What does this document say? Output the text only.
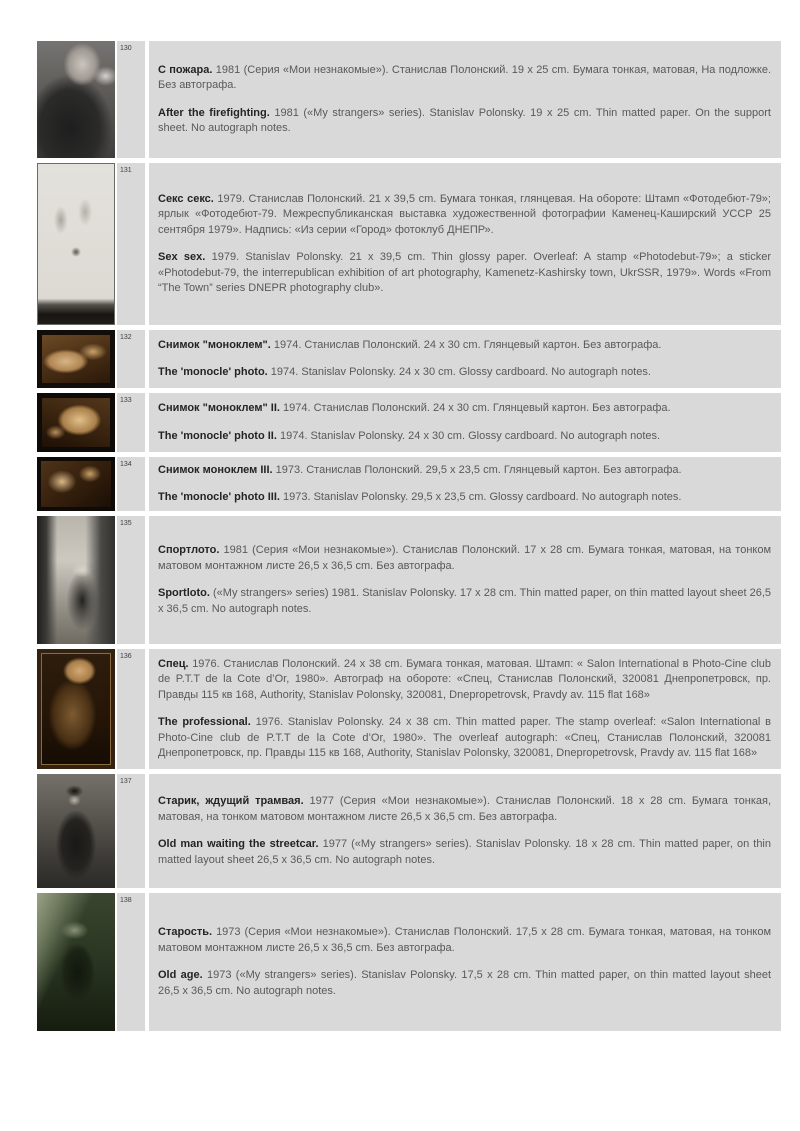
130

С пожара. 1981 (Серия «Мои незнакомые»). Станислав Полонский. 19 x 25 cm. Бумага тонкая, матовая, На подложке. Без автографа.

After the firefighting. 1981 («My strangers» series). Stanislav Polonsky. 19 x 25 cm. Thin matted paper. On the support sheet. No autograph notes.

131

Секс секс. 1979. Станислав Полонский. 21 x 39,5 cm. Бумага тонкая, глянцевая. На обороте: Штамп «Фотодебют-79»; ярлык «Фотодебют-79. Межреспубликанская выставка художественной фотографии Каменец-Каширский УССР 25 сентября 1979». Надпись: «Из серии «Город» фотоклуб ДНЕПР».

Sex sex. 1979. Stanislav Polonsky. 21 x 39,5 cm. Thin glossy paper. Overleaf: A stamp «Photodebut-79»; a sticker «Photodebut-79, the interrepublican exhibition of art photography, Kamenetz-Kashirsky town, UkrSSR, 1979». Words «From “The Town” series DNEPR photography club».

132

Снимок "моноклем". 1974. Станислав Полонский. 24 x 30 cm. Глянцевый картон. Без автографа.

The 'monocle' photo. 1974. Stanislav Polonsky. 24 x 30 cm. Glossy cardboard. No autograph notes.

133

Снимок "моноклем" II. 1974. Станислав Полонский. 24 x 30 cm. Глянцевый картон. Без автографа.

The 'monocle' photo II. 1974. Stanislav Polonsky. 24 x 30 cm. Glossy cardboard. No autograph notes.

134	Снимок моноклем III. 1973. Станислав Полонский. 29,5 x 23,5 cm. Глянцевый картон. Без автографа.

The 'monocle' photo III. 1973. Stanislav Polonsky. 29,5 x 23,5 cm. Glossy cardboard. No autograph notes.

135

Спортлото. 1981 (Серия «Мои незнакомые»). Станислав Полонский. 17 x 28 cm. Бумага тонкая, матовая, на тонком матовом монтажном листе 26,5 x 36,5 cm. Без автографа.

Sportloto. («My strangers» series) 1981. Stanislav Polonsky. 17 x 28 cm. Thin matted paper, on thin matted layout sheet 26,5 x 36,5 cm. No autograph notes.

136

Спец. 1976. Станислав Полонский. 24 x 38 cm. Бумага тонкая, матовая. Штамп: « Salon International в Photo-Cine club de P.T.T de la Cote d’Or, 1980». Автограф на обороте: «Спец, Станислав Полонский, 320081 Днепропетровск, пр. Правды 115 кв 168, Authority, Stanislav Polonsky, 320081, Dnepropetrovsk, Pravdy av. 115 flat 168»

The professional. 1976. Stanislav Polonsky. 24 x 38 cm. Thin matted paper. The stamp overleaf: «Salon International в Photo-Cine club de P.T.T de la Cote d’Or, 1980». The overleaf autograph: «Спец, Станислав Полонский, 320081 Днепропетровск, пр. Правды 115 кв 168, Authority, Stanislav Polonsky, 320081, Dnepropetrovsk, Pravdy av. 115 flat 168»

137

Старик, ждущий трамвая. 1977 (Серия «Мои незнакомые»). Станислав Полонский. 18 x 28 cm. Бумага тонкая, матовая, на тонком матовом монтажном листе 26,5 x 36,5 cm. Без автографа.

Old man waiting the streetcar. 1977 («My strangers» series). Stanislav Polonsky. 18 x 28 cm. Thin matted paper, on thin matted layout sheet 26,5 x 36,5 cm. No autograph notes.

138

Старость. 1973 (Серия «Мои незнакомые»). Станислав Полонский. 17,5 x 28 cm. Бумага тонкая, матовая, на тонком матовом монтажном листе 26,5 x 36,5 cm. Без автографа.

Old age. 1973 («My strangers» series). Stanislav Polonsky. 17,5 x 28 cm. Thin matted paper, on thin matted layout sheet 26,5 x 36,5 cm. No autograph notes.
